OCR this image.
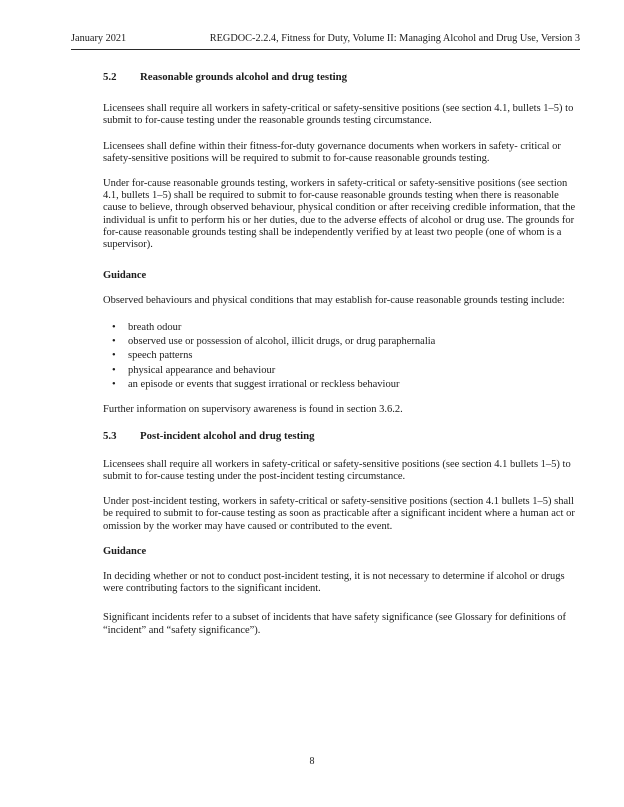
January 2021	REGDOC-2.2.4, Fitness for Duty, Volume II: Managing Alcohol and Drug Use, Version 3
5.2	Reasonable grounds alcohol and drug testing

Licensees shall require all workers in safety-critical or safety-sensitive positions (see section 4.1, bullets 1–5) to submit to for-cause testing under the reasonable grounds testing circumstance.

Licensees shall define within their fitness-for-duty governance documents when workers in safety- critical or safety-sensitive positions will be required to submit to for-cause reasonable grounds testing.

Under for-cause reasonable grounds testing, workers in safety-critical or safety-sensitive positions (see section 4.1, bullets 1–5) shall be required to submit to for-cause reasonable grounds testing when there is reasonable cause to believe, through observed behaviour, physical condition or after receiving credible information, that the individual is unfit to perform his or her duties, due to the adverse effects of alcohol or drug use. The grounds for for-cause reasonable grounds testing shall be independently verified by at least two people (one of whom is a supervisor).

Guidance

Observed behaviours and physical conditions that may establish for-cause reasonable grounds testing include:

• breath odour
• observed use or possession of alcohol, illicit drugs, or drug paraphernalia
• speech patterns
• physical appearance and behaviour
• an episode or events that suggest irrational or reckless behaviour

Further information on supervisory awareness is found in section 3.6.2.

5.3	Post-incident alcohol and drug testing

Licensees shall require all workers in safety-critical or safety-sensitive positions (see section 4.1 bullets 1–5) to submit to for-cause testing under the post-incident testing circumstance.

Under post-incident testing, workers in safety-critical or safety-sensitive positions (section 4.1 bullets 1–5) shall be required to submit to for-cause testing as soon as practicable after a significant incident where a human act or omission by the worker may have caused or contributed to the event.

Guidance

In deciding whether or not to conduct post-incident testing, it is not necessary to determine if alcohol or drugs were contributing factors to the significant incident.

Significant incidents refer to a subset of incidents that have safety significance (see Glossary for definitions of “incident” and “safety significance”).

8
